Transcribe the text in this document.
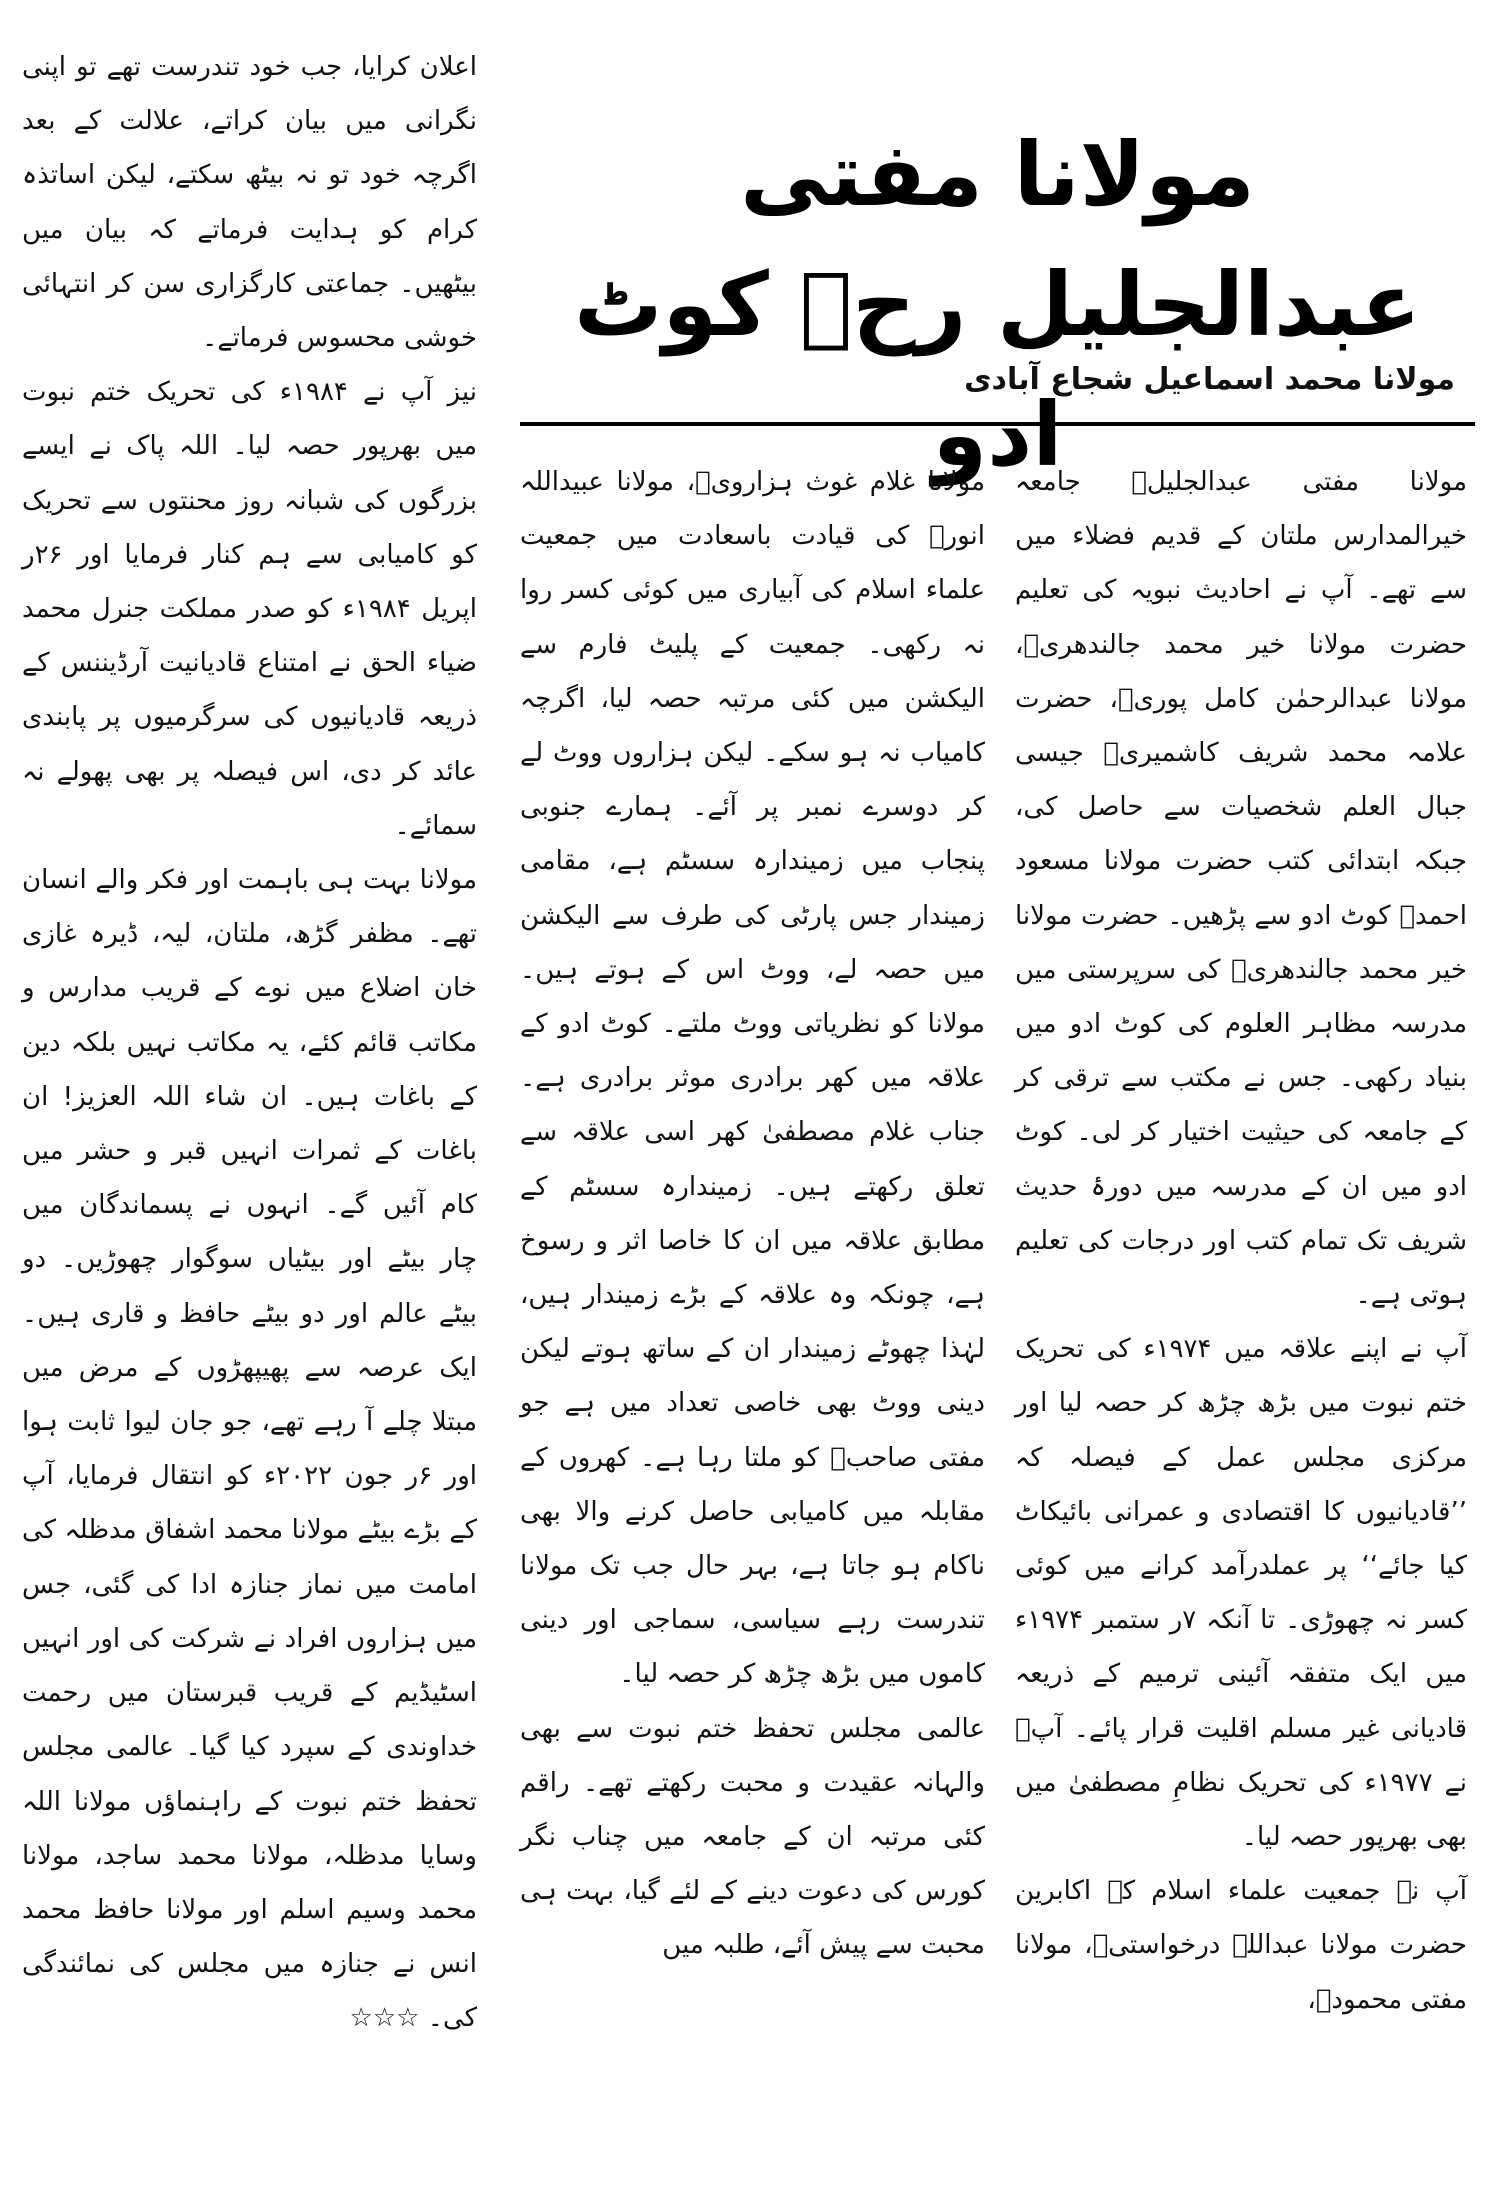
مولانا مفتی عبدالجلیل رحؒ کوٹ ادو
مولانا محمد اسماعیل شجاع آبادی

مولانا مفتی عبدالجلیلؒ جامعہ خیرالمدارس ملتان کے قدیم فضلاء میں سے تھے۔ آپ نے احادیث نبویہ کی تعلیم حضرت مولانا خیر محمد جالندھریؒ، مولانا عبدالرحمٰن کامل پوریؒ، حضرت علامہ محمد شریف کاشمیریؒ جیسی جبال العلم شخصیات سے حاصل کی، جبکہ ابتدائی کتب حضرت مولانا مسعود احمدؒ کوٹ ادو سے پڑھیں۔ حضرت مولانا خیر محمد جالندھریؒ کی سرپرستی میں مدرسہ مظاہر العلوم کی کوٹ ادو میں بنیاد رکھی۔ جس نے مکتب سے ترقی کر کے جامعہ کی حیثیت اختیار کر لی۔ کوٹ ادو میں ان کے مدرسہ میں دورۂ حدیث شریف تک تمام کتب اور درجات کی تعلیم ہوتی ہے۔

آپ نے اپنے علاقہ میں ۱۹۷۴ء کی تحریک ختم نبوت میں بڑھ چڑھ کر حصہ لیا اور مرکزی مجلس عمل کے فیصلہ کہ ’’قادیانیوں کا اقتصادی و عمرانی بائیکاٹ کیا جائے‘‘ پر عملدرآمد کرانے میں کوئی کسر نہ چھوڑی۔ تا آنکہ ۷ر ستمبر ۱۹۷۴ء میں ایک متفقہ آئینی ترمیم کے ذریعہ قادیانی غیر مسلم اقلیت قرار پائے۔ آپؒ نے ۱۹۷۷ء کی تحریک نظامِ مصطفیٰ میں بھی بھرپور حصہ لیا۔

آپ نے جمعیت علماء اسلام کے اکابرین حضرت مولانا عبداللہ درخواستیؒ، مولانا مفتی محمودؒ،

مولانا غلام غوث ہزارویؒ، مولانا عبیداللہ انورؒ کی قیادت باسعادت میں جمعیت علماء اسلام کی آبیاری میں کوئی کسر روا نہ رکھی۔ جمعیت کے پلیٹ فارم سے الیکشن میں کئی مرتبہ حصہ لیا، اگرچہ کامیاب نہ ہو سکے۔ لیکن ہزاروں ووٹ لے کر دوسرے نمبر پر آئے۔ ہمارے جنوبی پنجاب میں زمیندارہ سسٹم ہے، مقامی زمیندار جس پارٹی کی طرف سے الیکشن میں حصہ لے، ووٹ اس کے ہوتے ہیں۔ مولانا کو نظریاتی ووٹ ملتے۔ کوٹ ادو کے علاقہ میں کھر برادری موثر برادری ہے۔ جناب غلام مصطفیٰ کھر اسی علاقہ سے تعلق رکھتے ہیں۔ زمیندارہ سسٹم کے مطابق علاقہ میں ان کا خاصا اثر و رسوخ ہے، چونکہ وہ علاقہ کے بڑے زمیندار ہیں، لہٰذا چھوٹے زمیندار ان کے ساتھ ہوتے لیکن دینی ووٹ بھی خاصی تعداد میں ہے جو مفتی صاحبؒ کو ملتا رہا ہے۔ کھروں کے مقابلہ میں کامیابی حاصل کرنے والا بھی ناکام ہو جاتا ہے، بہر حال جب تک مولانا تندرست رہے سیاسی، سماجی اور دینی کاموں میں بڑھ چڑھ کر حصہ لیا۔

عالمی مجلس تحفظ ختم نبوت سے بھی والہانہ عقیدت و محبت رکھتے تھے۔ راقم کئی مرتبہ ان کے جامعہ میں چناب نگر کورس کی دعوت دینے کے لئے گیا، بہت ہی محبت سے پیش آئے، طلبہ میں

اعلان کرایا، جب خود تندرست تھے تو اپنی نگرانی میں بیان کراتے، علالت کے بعد اگرچہ خود تو نہ بیٹھ سکتے، لیکن اساتذہ کرام کو ہدایت فرماتے کہ بیان میں بیٹھیں۔ جماعتی کارگزاری سن کر انتہائی خوشی محسوس فرماتے۔

نیز آپ نے ۱۹۸۴ء کی تحریک ختم نبوت میں بھرپور حصہ لیا۔ اللہ پاک نے ایسے بزرگوں کی شبانہ روز محنتوں سے تحریک کو کامیابی سے ہم کنار فرمایا اور ۲۶ر اپریل ۱۹۸۴ء کو صدر مملکت جنرل محمد ضیاء الحق نے امتناع قادیانیت آرڈیننس کے ذریعہ قادیانیوں کی سرگرمیوں پر پابندی عائد کر دی، اس فیصلہ پر بھی پھولے نہ سمائے۔

مولانا بہت ہی باہمت اور فکر والے انسان تھے۔ مظفر گڑھ، ملتان، لیہ، ڈیرہ غازی خان اضلاع میں نوے کے قریب مدارس و مکاتب قائم کئے، یہ مکاتب نہیں بلکہ دین کے باغات ہیں۔ ان شاء اللہ العزیز! ان باغات کے ثمرات انہیں قبر و حشر میں کام آئیں گے۔ انہوں نے پسماندگان میں چار بیٹے اور بیٹیاں سوگوار چھوڑیں۔ دو بیٹے عالم اور دو بیٹے حافظ و قاری ہیں۔ ایک عرصہ سے پھیپھڑوں کے مرض میں مبتلا چلے آ رہے تھے، جو جان لیوا ثابت ہوا اور ۶ر جون ۲۰۲۲ء کو انتقال فرمایا، آپ کے بڑے بیٹے مولانا محمد اشفاق مدظلہ کی امامت میں نماز جنازہ ادا کی گئی، جس میں ہزاروں افراد نے شرکت کی اور انہیں اسٹیڈیم کے قریب قبرستان میں رحمت خداوندی کے سپرد کیا گیا۔ عالمی مجلس تحفظ ختم نبوت کے راہنماؤں مولانا اللہ وسایا مدظلہ، مولانا محمد ساجد، مولانا محمد وسیم اسلم اور مولانا حافظ محمد انس نے جنازہ میں مجلس کی نمائندگی کی۔ ☆☆☆
